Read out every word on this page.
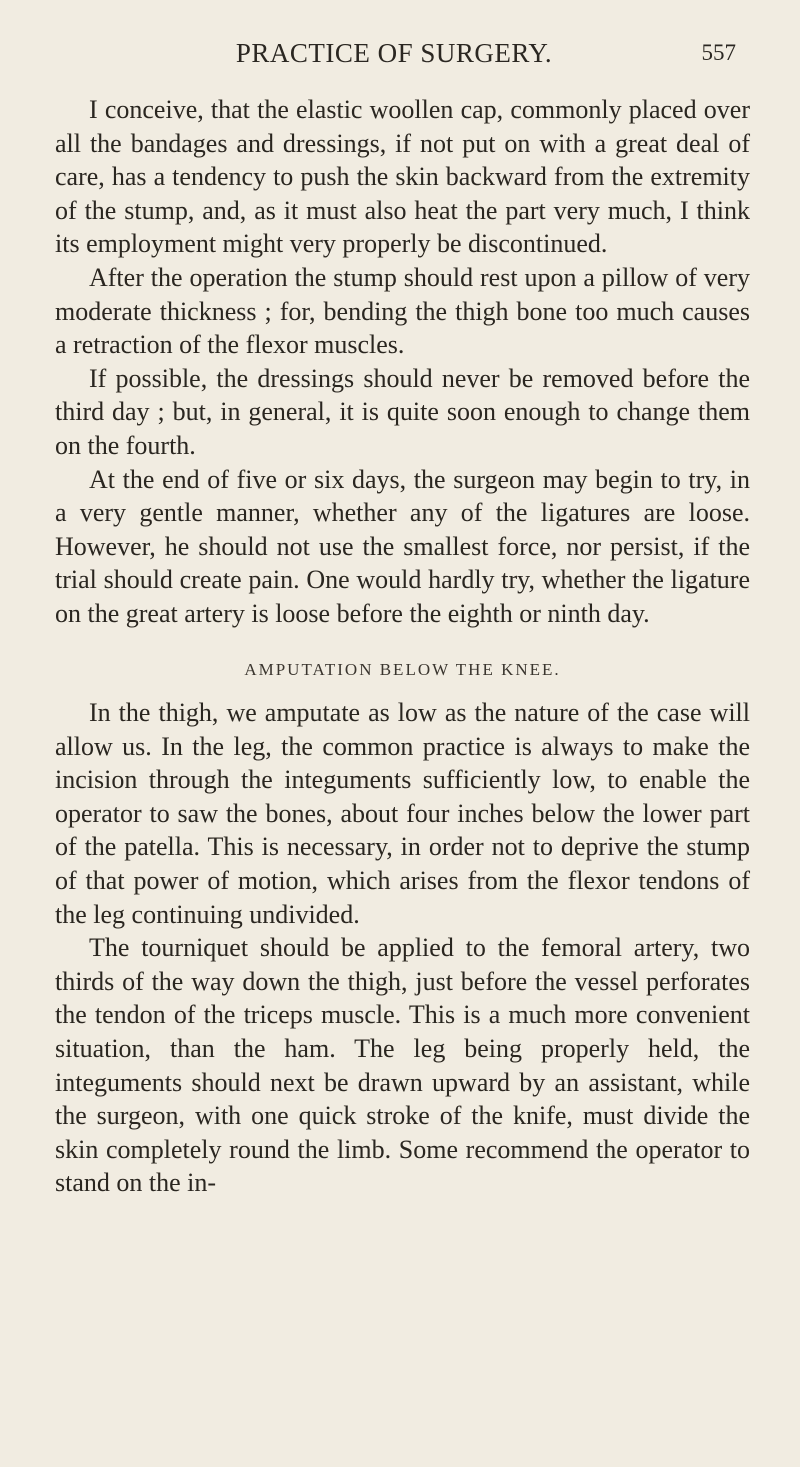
PRACTICE OF SURGERY.	557

I conceive, that the elastic woollen cap, commonly placed over all the bandages and dressings, if not put on with a great deal of care, has a tendency to push the skin backward from the extremity of the stump, and, as it must also heat the part very much, I think its employment might very properly be discontinued.

After the operation the stump should rest upon a pillow of very moderate thickness ; for, bending the thigh bone too much causes a retraction of the flexor muscles.

If possible, the dressings should never be removed before the third day ; but, in general, it is quite soon enough to change them on the fourth.

At the end of five or six days, the surgeon may begin to try, in a very gentle manner, whether any of the ligatures are loose. However, he should not use the smallest force, nor persist, if the trial should create pain. One would hardly try, whether the ligature on the great artery is loose before the eighth or ninth day.

AMPUTATION BELOW THE KNEE.

In the thigh, we amputate as low as the nature of the case will allow us. In the leg, the common practice is always to make the incision through the integuments sufficiently low, to enable the operator to saw the bones, about four inches below the lower part of the patella. This is necessary, in order not to deprive the stump of that power of motion, which arises from the flexor tendons of the leg continuing undivided.

The tourniquet should be applied to the femoral artery, two thirds of the way down the thigh, just before the vessel perforates the tendon of the triceps muscle. This is a much more convenient situation, than the ham. The leg being properly held, the integuments should next be drawn upward by an assistant, while the surgeon, with one quick stroke of the knife, must divide the skin completely round the limb. Some recommend the operator to stand on the in-
